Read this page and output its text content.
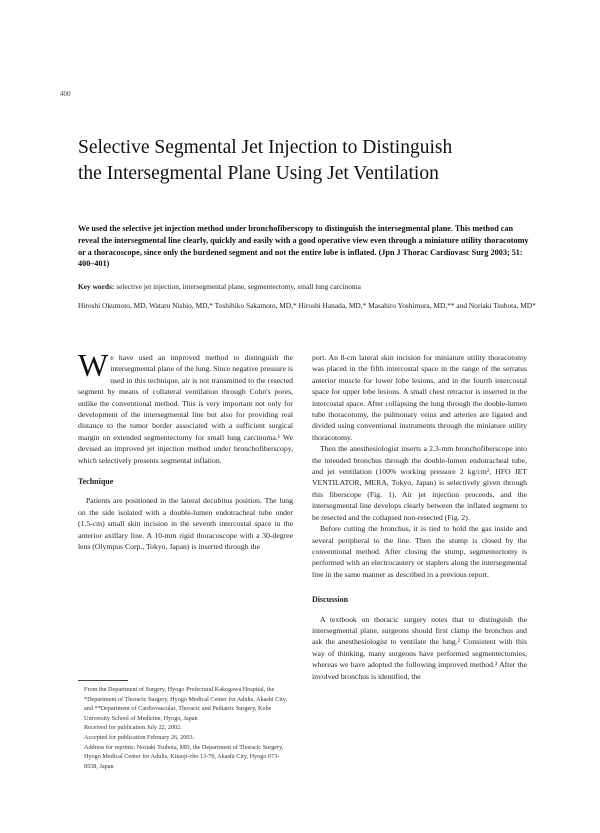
400
Selective Segmental Jet Injection to Distinguish
the Intersegmental Plane Using Jet Ventilation

We used the selective jet injection method under bronchofiberscopy to distinguish the intersegmental plane. This method can reveal the intersegmental line clearly, quickly and easily with a good operative view even through a miniature utility thoracotomy or a thoracoscope, since only the burdened segment and not the entire lobe is inflated. (Jpn J Thorac Cardiovasc Surg 2003; 51: 400–401)

Key words: selective jet injection, intersegmental plane, segmentectomy, small lung carcinoma

Hiroshi Okumoto, MD, Wataru Nishio, MD,* Toshihiko Sakamoto, MD,* Hiroshi Hanada, MD,* Masahiro Yoshimura, MD,** and Noriaki Tsubota, MD*

We have used an improved method to distinguish the intersegmental plane of the lung. Since negative pressure is used in this technique, air is not transmitted to the resected segment by means of collateral ventilation through Cohn's pores, unlike the conventional method. This is very important not only for development of the intersegmental line but also for providing real distance to the tumor border associated with a sufficient surgical margin on extended segmentectomy for small lung carcinoma.¹ We devised an improved jet injection method under bronchofiberscopy, which selectively presents segmental inflation.

Technique

Patients are positioned in the lateral decubitus position. The lung on the side isolated with a double-lumen endotracheal tube under (1.5-cm) small skin incision in the seventh intercostal space in the anterior axillary line. A 10-mm rigid thoracoscope with a 30-degree lens (Olympus Corp., Tokyo, Japan) is inserted through the

From the Department of Surgery, Hyogo Prefectural Kakogawa Hospital, the *Department of Thoracic Surgery, Hyogo Medical Center for Adults, Akashi City, and **Department of Cardiovascular, Thoracic and Pediatric Surgery, Kobe University School of Medicine, Hyogo, Japan

Received for publication July 22, 2002.

Accepted for publication February 26, 2003.

Address for reprints: Noriaki Tsubota, MD, the Department of Thoracic Surgery, Hyogo Medical Center for Adults, Kitaoji-cho 13-70, Akashi City, Hyogo 673-8558, Japan

port. An 8-cm lateral skin incision for miniature utility thoracotomy was placed in the fifth intercostal space in the range of the serratus anterior muscle for lower lobe lesions, and in the fourth intercostal space for upper lobe lesions. A small chest retractor is inserted in the intercostal space. After collapsing the lung through the double-lumen tube thoracotomy, the pulmonary veins and arteries are ligated and divided using conventional instruments through the miniature utility thoracotomy.

Then the anesthesiologist inserts a 2.3-mm bronchofiberscope into the intended bronchus through the double-lumen endotracheal tube, and jet ventilation (100% working pressure 2 kg/cm², HFO JET VENTILATOR, MERA, Tokyo, Japan) is selectively given through this fiberscope (Fig. 1). Air jet injection proceeds, and the intersegmental line develops clearly between the inflated segment to be resected and the collapsed non-resected (Fig. 2).

Before cutting the bronchus, it is tied to hold the gas inside and several peripheral to the line. Then the stump is closed by the conventional method. After closing the stump, segmentectomy is performed with an electrocautery or staplers along the intersegmental line in the same manner as described in a previous report.

Discussion

A textbook on thoracic surgery notes that to distinguish the intersegmental plane, surgeons should first clamp the bronchus and ask the anesthesiologist to ventilate the lung.² Consistent with this way of thinking, many surgeons have performed segmentectomies, whereas we have adopted the following improved method.³ After the involved bronchus is identified, the
